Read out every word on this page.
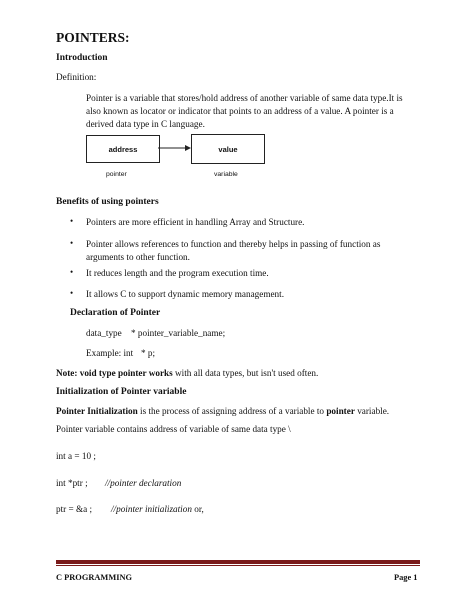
POINTERS:
Introduction
Definition:
Pointer is a variable that stores/hold address of another variable of same data type.It is also known as locator or indicator that points to an address of a value. A pointer is a derived data type in C language.
address	value
pointer	variable
Benefits of using pointers
• Pointers are more efficient in handling Array and Structure.
• Pointer allows references to function and thereby helps in passing of function as arguments to other function.
• It reduces length and the program execution time.
• It allows C to support dynamic memory management.
Declaration of Pointer
data_type * pointer_variable_name;
Example: int * p;
Note: void type pointer works with all data types, but isn't used often.
Initialization of Pointer variable
Pointer Initialization is the process of assigning address of a variable to pointer variable.
Pointer variable contains address of variable of same data type \
int a = 10 ;
int *ptr ; //pointer declaration
ptr = &a ; //pointer initialization or,
C PROGRAMMING	Page 1
